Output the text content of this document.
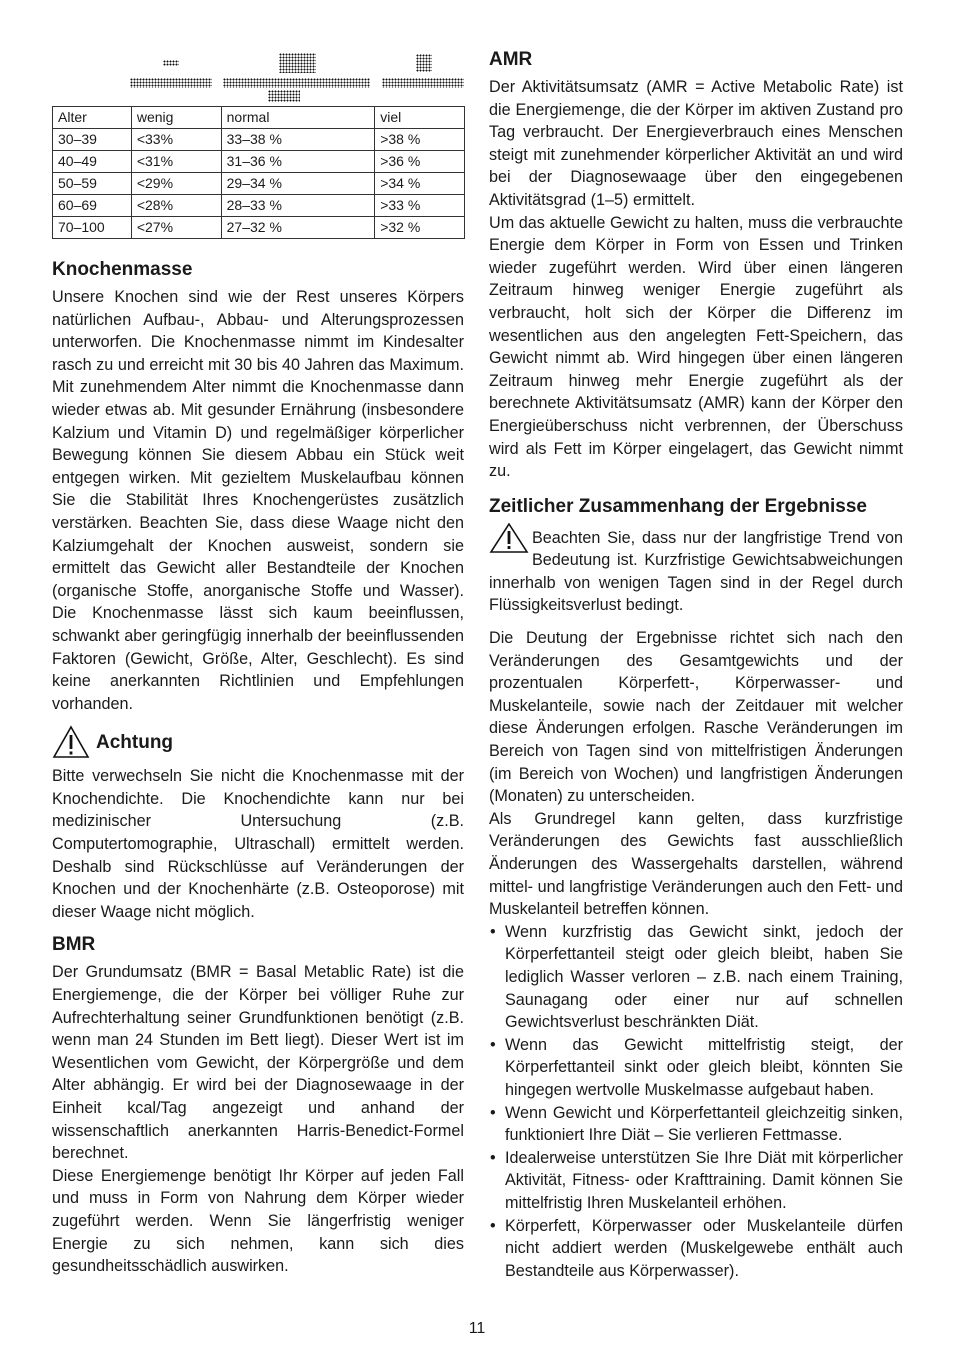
Alter	wenig	normal	viel
30–39	<33%	33–38 %	>38 %
40–49	<31%	31–36 %	>36 %
50–59	<29%	29–34 %	>34 %
60–69	<28%	28–33 %	>33 %
70–100	<27%	27–32 %	>32 %
Knochenmasse

Unsere Knochen sind wie der Rest unseres Körpers natürlichen Aufbau-, Abbau- und Alterungsprozessen unterworfen. Die Knochenmasse nimmt im Kindesalter rasch zu und erreicht mit 30 bis 40 Jahren das Maximum. Mit zunehmendem Alter nimmt die Knochenmasse dann wieder etwas ab. Mit gesunder Ernährung (insbesondere Kalzium und Vitamin D) und regelmäßiger körperlicher Bewegung können Sie diesem Abbau ein Stück weit entgegen wirken. Mit gezieltem Muskelaufbau können Sie die Stabilität Ihres Knochengerüstes zusätzlich verstärken. Beachten Sie, dass diese Waage nicht den Kalziumgehalt der Knochen ausweist, sondern sie ermittelt das Gewicht aller Bestandteile der Knochen (organische Stoffe, anorganische Stoffe und Wasser). Die Knochenmasse lässt sich kaum beeinflussen, schwankt aber geringfügig innerhalb der beeinflussenden Faktoren (Gewicht, Größe, Alter, Geschlecht). Es sind keine anerkannten Richtlinien und Empfehlungen vorhanden.

Achtung

Bitte verwechseln Sie nicht die Knochenmasse mit der Knochendichte. Die Knochendichte kann nur bei medizinischer Untersuchung (z.B. Computertomographie, Ultraschall) ermittelt werden. Deshalb sind Rückschlüsse auf Veränderungen der Knochen und der Knochenhärte (z.B. Osteoporose) mit dieser Waage nicht möglich.

BMR

Der Grundumsatz (BMR = Basal Metablic Rate) ist die Energiemenge, die der Körper bei völliger Ruhe zur Aufrechterhaltung seiner Grundfunktionen benötigt (z.B. wenn man 24 Stunden im Bett liegt). Dieser Wert ist im Wesentlichen vom Gewicht, der Körpergröße und dem Alter abhängig. Er wird bei der Diagnosewaage in der Einheit kcal/Tag angezeigt und anhand der wissenschaftlich anerkannten Harris-Benedict-Formel berechnet.

Diese Energiemenge benötigt Ihr Körper auf jeden Fall und muss in Form von Nahrung dem Körper wieder zugeführt werden. Wenn Sie längerfristig weniger Energie zu sich nehmen, kann sich dies gesundheitsschädlich auswirken.

AMR

Der Aktivitätsumsatz (AMR = Active Metabolic Rate) ist die Energiemenge, die der Körper im aktiven Zustand pro Tag verbraucht. Der Energieverbrauch eines Menschen steigt mit zunehmender körperlicher Aktivität an und wird bei der Diagnosewaage über den eingegebenen Aktivitätsgrad (1–5) ermittelt.

Um das aktuelle Gewicht zu halten, muss die verbrauchte Energie dem Körper in Form von Essen und Trinken wieder zugeführt werden. Wird über einen längeren Zeitraum hinweg weniger Energie zugeführt als verbraucht, holt sich der Körper die Differenz im wesentlichen aus den angelegten Fett-Speichern, das Gewicht nimmt ab. Wird hingegen über einen längeren Zeitraum hinweg mehr Energie zugeführt als der berechnete Aktivitätsumsatz (AMR) kann der Körper den Energieüberschuss nicht verbrennen, der Überschuss wird als Fett im Körper eingelagert, das Gewicht nimmt zu.

Zeitlicher Zusammenhang der Ergebnisse

Beachten Sie, dass nur der langfristige Trend von Bedeutung ist. Kurzfristige Gewichtsabweichungen innerhalb von wenigen Tagen sind in der Regel durch Flüssigkeitsverlust bedingt.

Die Deutung der Ergebnisse richtet sich nach den Veränderungen des Gesamtgewichts und der prozentualen Körperfett-, Körperwasser- und Muskelanteile, sowie nach der Zeitdauer mit welcher diese Änderungen erfolgen. Rasche Veränderungen im Bereich von Tagen sind von mittelfristigen Änderungen (im Bereich von Wochen) und langfristigen Änderungen (Monaten) zu unterscheiden.

Als Grundregel kann gelten, dass kurzfristige Veränderungen des Gewichts fast ausschließlich Änderungen des Wassergehalts darstellen, während mittel- und langfristige Veränderungen auch den Fett- und Muskelanteil betreffen können.

• Wenn kurzfristig das Gewicht sinkt, jedoch der Körperfettanteil steigt oder gleich bleibt, haben Sie lediglich Wasser verloren – z.B. nach einem Training, Saunagang oder einer nur auf schnellen Gewichtsverlust beschränkten Diät.
• Wenn das Gewicht mittelfristig steigt, der Körperfettanteil sinkt oder gleich bleibt, könnten Sie hingegen wertvolle Muskelmasse aufgebaut haben.
• Wenn Gewicht und Körperfettanteil gleichzeitig sinken, funktioniert Ihre Diät – Sie verlieren Fettmasse.
• Idealerweise unterstützen Sie Ihre Diät mit körperlicher Aktivität, Fitness- oder Krafttraining. Damit können Sie mittelfristig Ihren Muskelanteil erhöhen.
• Körperfett, Körperwasser oder Muskelanteile dürfen nicht addiert werden (Muskelgewebe enthält auch Bestandteile aus Körperwasser).
11
